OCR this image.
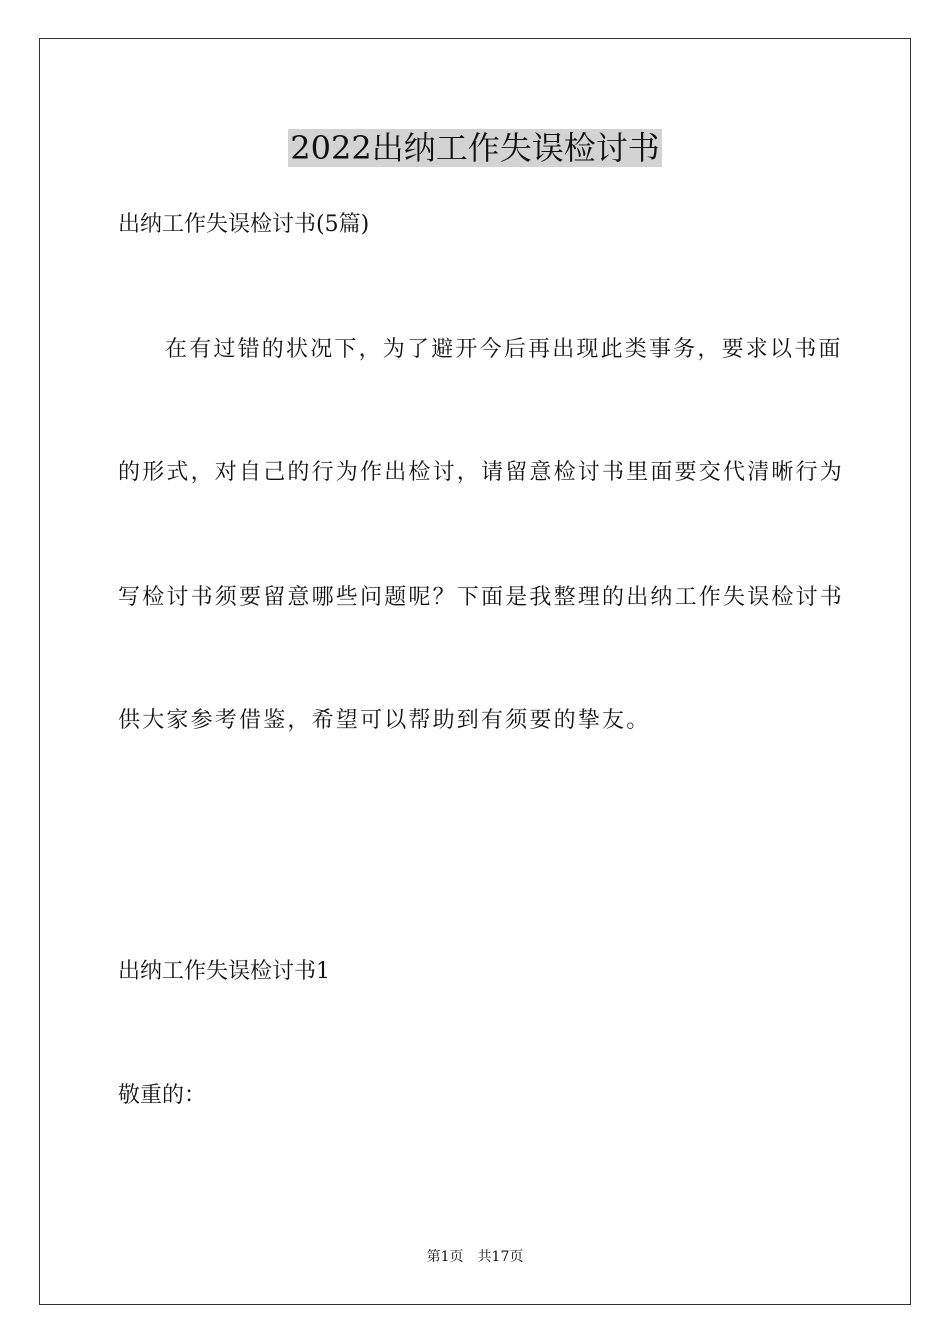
2022出纳工作失误检讨书

出纳工作失误检讨书(5篇)

在有过错的状况下，为了避开今后再出现此类事务，要求以书面

的形式，对自己的行为作出检讨，请留意检讨书里面要交代清晰行为

写检讨书须要留意哪些问题呢？下面是我整理的出纳工作失误检讨书

供大家参考借鉴，希望可以帮助到有须要的挚友。

出纳工作失误检讨书1

敬重的：

第1页　共17页
